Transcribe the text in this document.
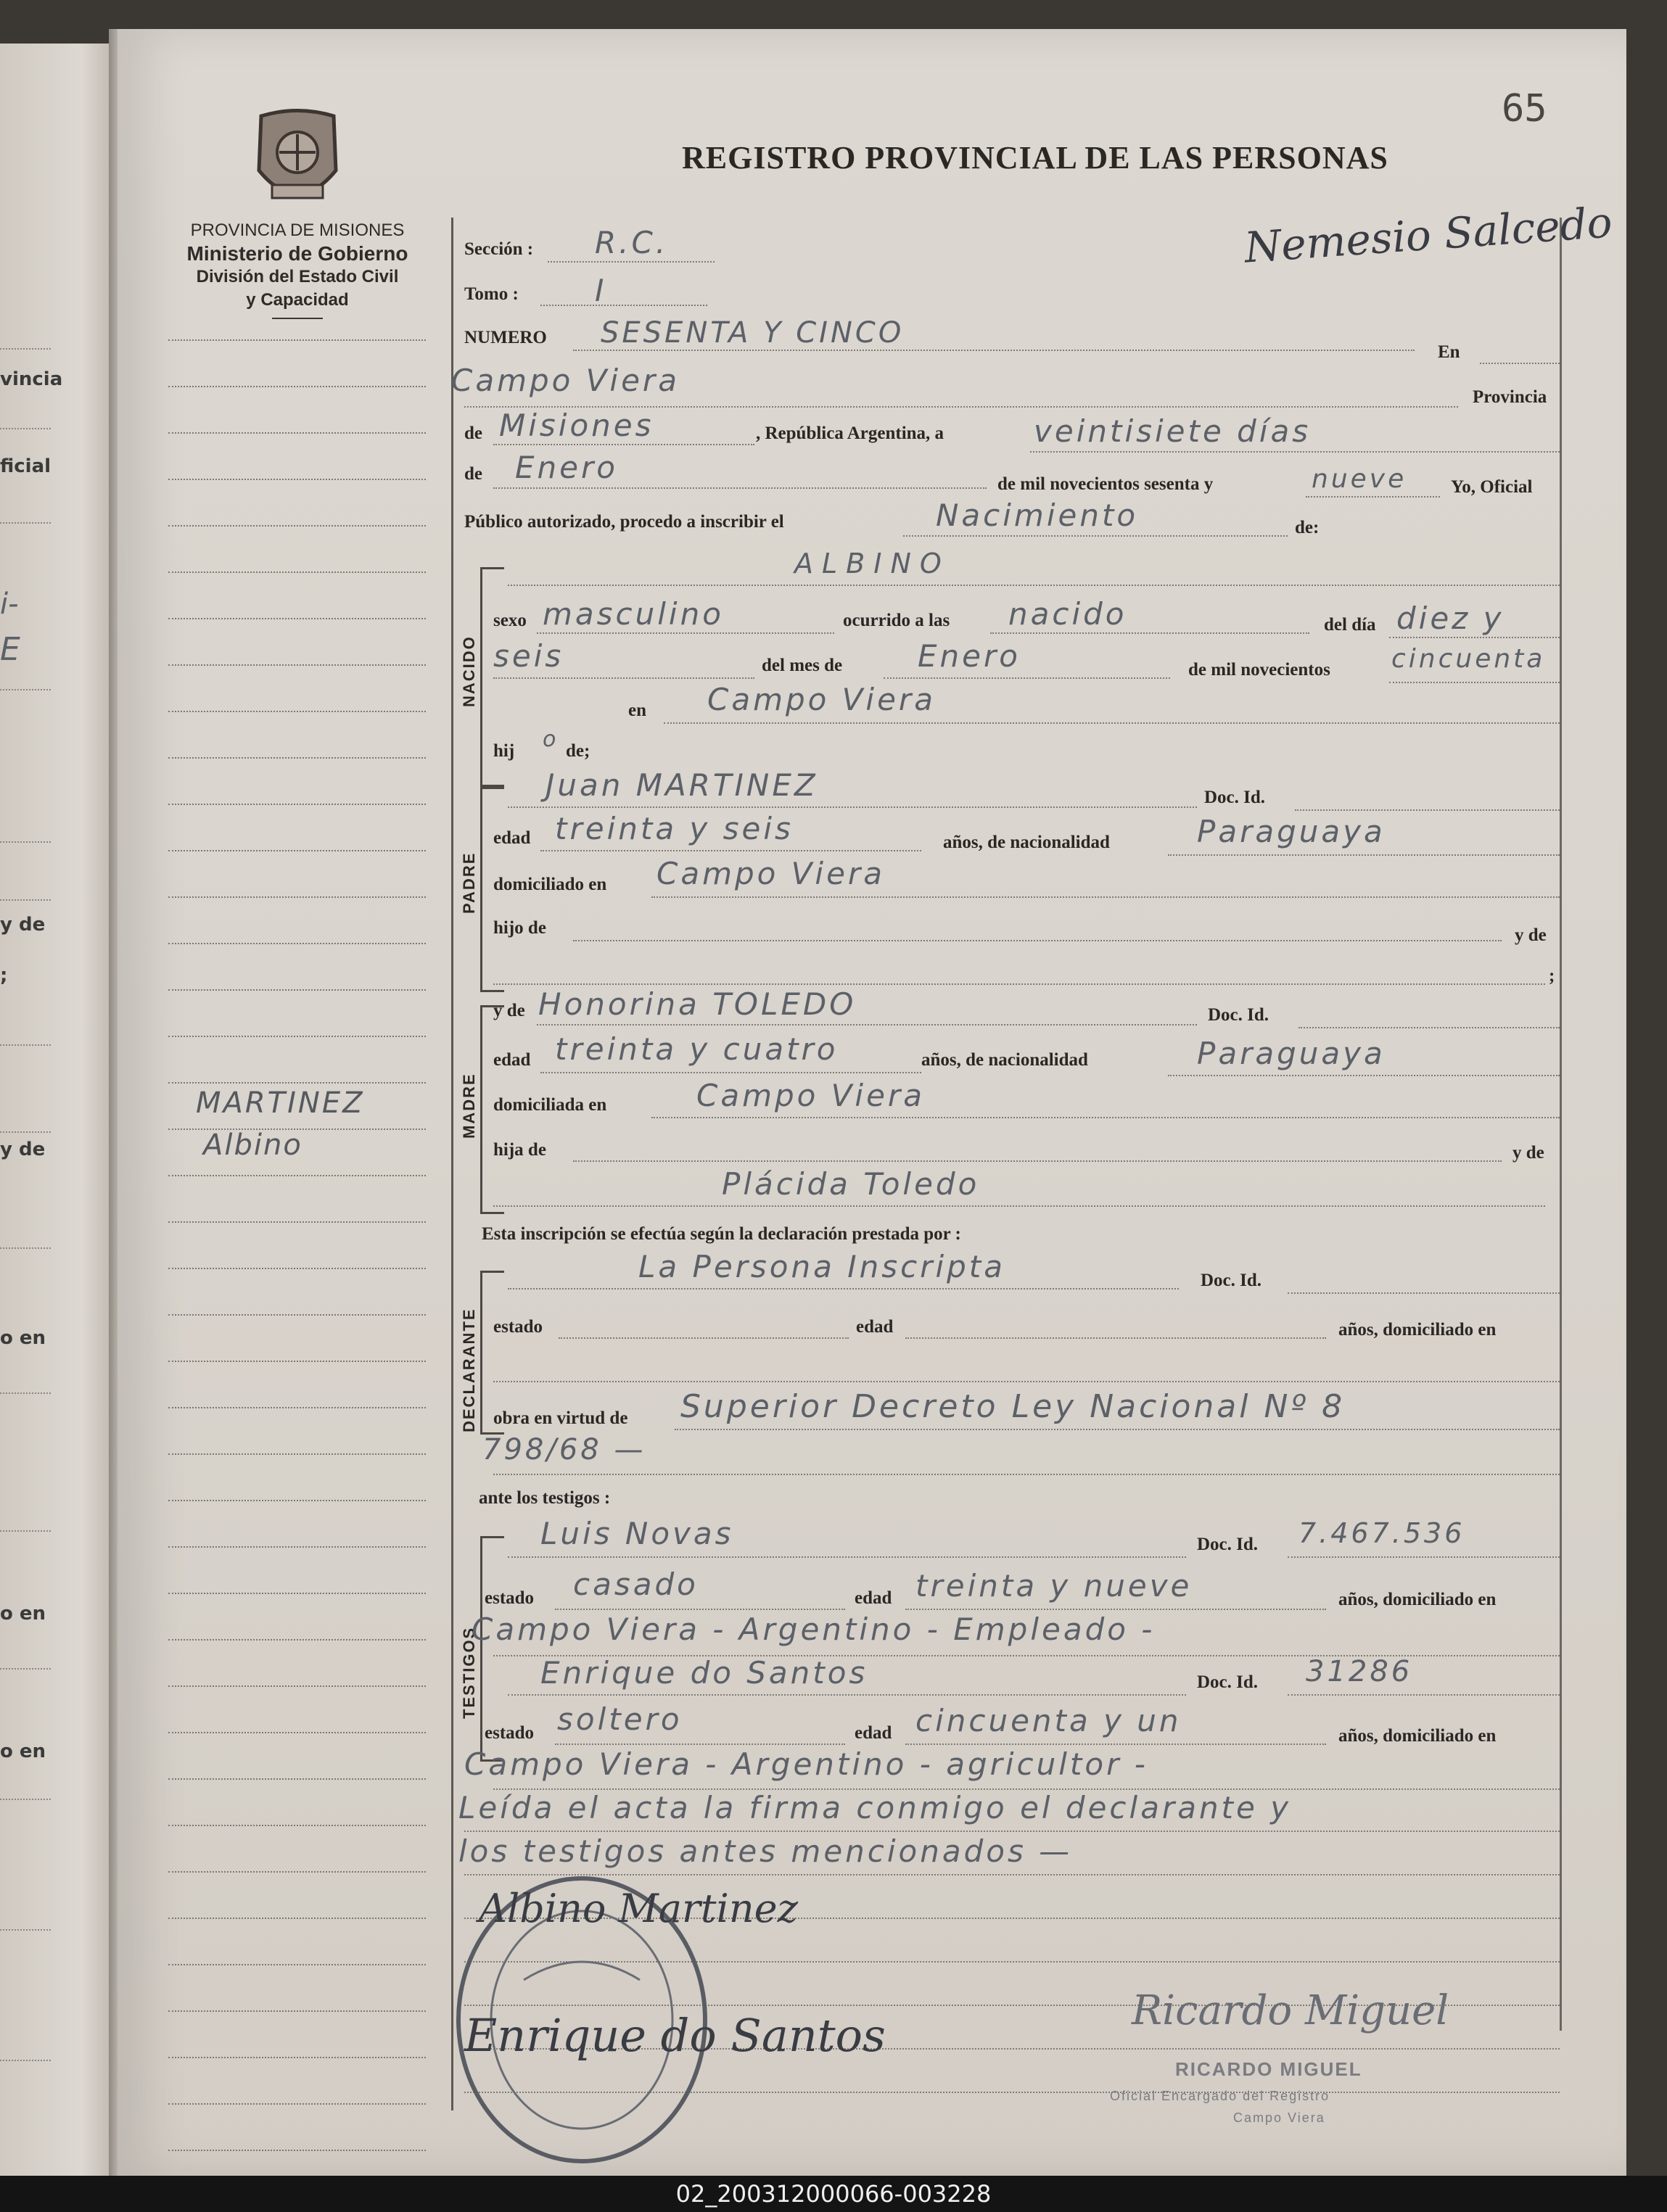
vincia
ficial
i-
E
y de
;
y de
o en
o en
o en
65
REGISTRO PROVINCIAL DE LAS PERSONAS
PROVINCIA DE MISIONES
Ministerio de Gobierno
División del Estado Civil
y Capacidad
MARTINEZ
Albino
Nemesio Salcedo
Sección : R.C.
Tomo :	I
NUMERO SESENTA Y CINCO
En
Campo Viera	Provincia
de Misiones	, República Argentina, a	veintisiete días
de Enero	de mil novecientos sesenta y	nueve Yo, Oficial
Público autorizado, procedo a inscribir el	Nacimiento	de:
NACIDO
ALBINO
sexo masculino	ocurrido a las nacido	del día diez y
seis	del mes de Enero	de mil novecientos cincuenta
en Campo Viera
hij o de;
PADRE
Juan MARTINEZ	Doc. Id.
edad treinta y seis	años, de nacionalidad	Paraguaya
domiciliado en Campo Viera
hijo de	y de
;
y de
MADRE
Honorina TOLEDO	Doc. Id.
edad treinta y cuatro	años, de nacionalidad	Paraguaya
domiciliada en	Campo Viera
hija de	y de
Plácida Toledo
Esta inscripción se efectúa según la declaración prestada por :
DECLARANTE
La Persona Inscripta	Doc. Id.
estado	edad	años, domiciliado en
obra en virtud de Superior Decreto Ley Nacional Nº 8
798/68 —
ante los testigos :
TESTIGOS
Luis Novas	Doc. Id. 7.467.536
estado casado	edad treinta y nueve	años, domiciliado en
Campo Viera - Argentino - Empleado -
Enrique do Santos	Doc. Id. 31286
estado soltero	edad cincuenta y un	años, domiciliado en
Campo Viera - Argentino - agricultor -
Leída el acta la firma conmigo el declarante y
los testigos antes mencionados —
Albino Martinez
Enrique do Santos	Ricardo Miguel
RICARDO MIGUEL
Oficial Encargado del Registro
Campo Viera
02_200312000066-003228
